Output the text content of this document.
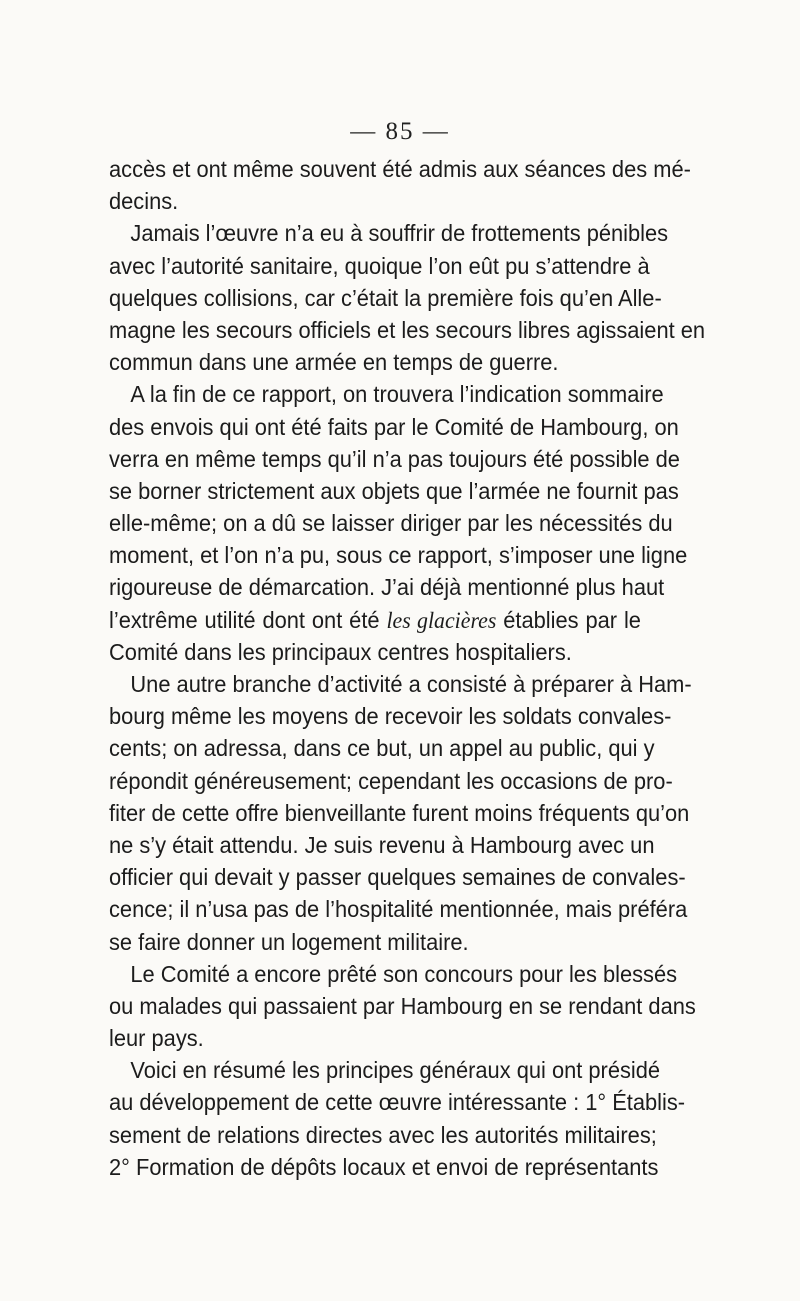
— 85 —
accès et ont même souvent été admis aux séances des mé-
decins.
Jamais l’œuvre n’a eu à souffrir de frottements pénibles
avec l’autorité sanitaire, quoique l’on eût pu s’attendre à
quelques collisions, car c’était la première fois qu’en Alle-
magne les secours officiels et les secours libres agissaient en
commun dans une armée en temps de guerre.
A la fin de ce rapport, on trouvera l’indication sommaire
des envois qui ont été faits par le Comité de Hambourg, on
verra en même temps qu’il n’a pas toujours été possible de
se borner strictement aux objets que l’armée ne fournit pas
elle-même; on a dû se laisser diriger par les nécessités du
moment, et l’on n’a pu, sous ce rapport, s’imposer une ligne
rigoureuse de démarcation. J’ai déjà mentionné plus haut
l’extrême utilité dont ont été les glacières établies par le
Comité dans les principaux centres hospitaliers.
Une autre branche d’activité a consisté à préparer à Ham-
bourg même les moyens de recevoir les soldats convales-
cents; on adressa, dans ce but, un appel au public, qui y
répondit généreusement; cependant les occasions de pro-
fiter de cette offre bienveillante furent moins fréquents qu’on
ne s’y était attendu. Je suis revenu à Hambourg avec un
officier qui devait y passer quelques semaines de convales-
cence; il n’usa pas de l’hospitalité mentionnée, mais préféra
se faire donner un logement militaire.
Le Comité a encore prêté son concours pour les blessés
ou malades qui passaient par Hambourg en se rendant dans
leur pays.
Voici en résumé les principes généraux qui ont présidé
au développement de cette œuvre intéressante : 1° Établis-
sement de relations directes avec les autorités militaires;
2° Formation de dépôts locaux et envoi de représentants
